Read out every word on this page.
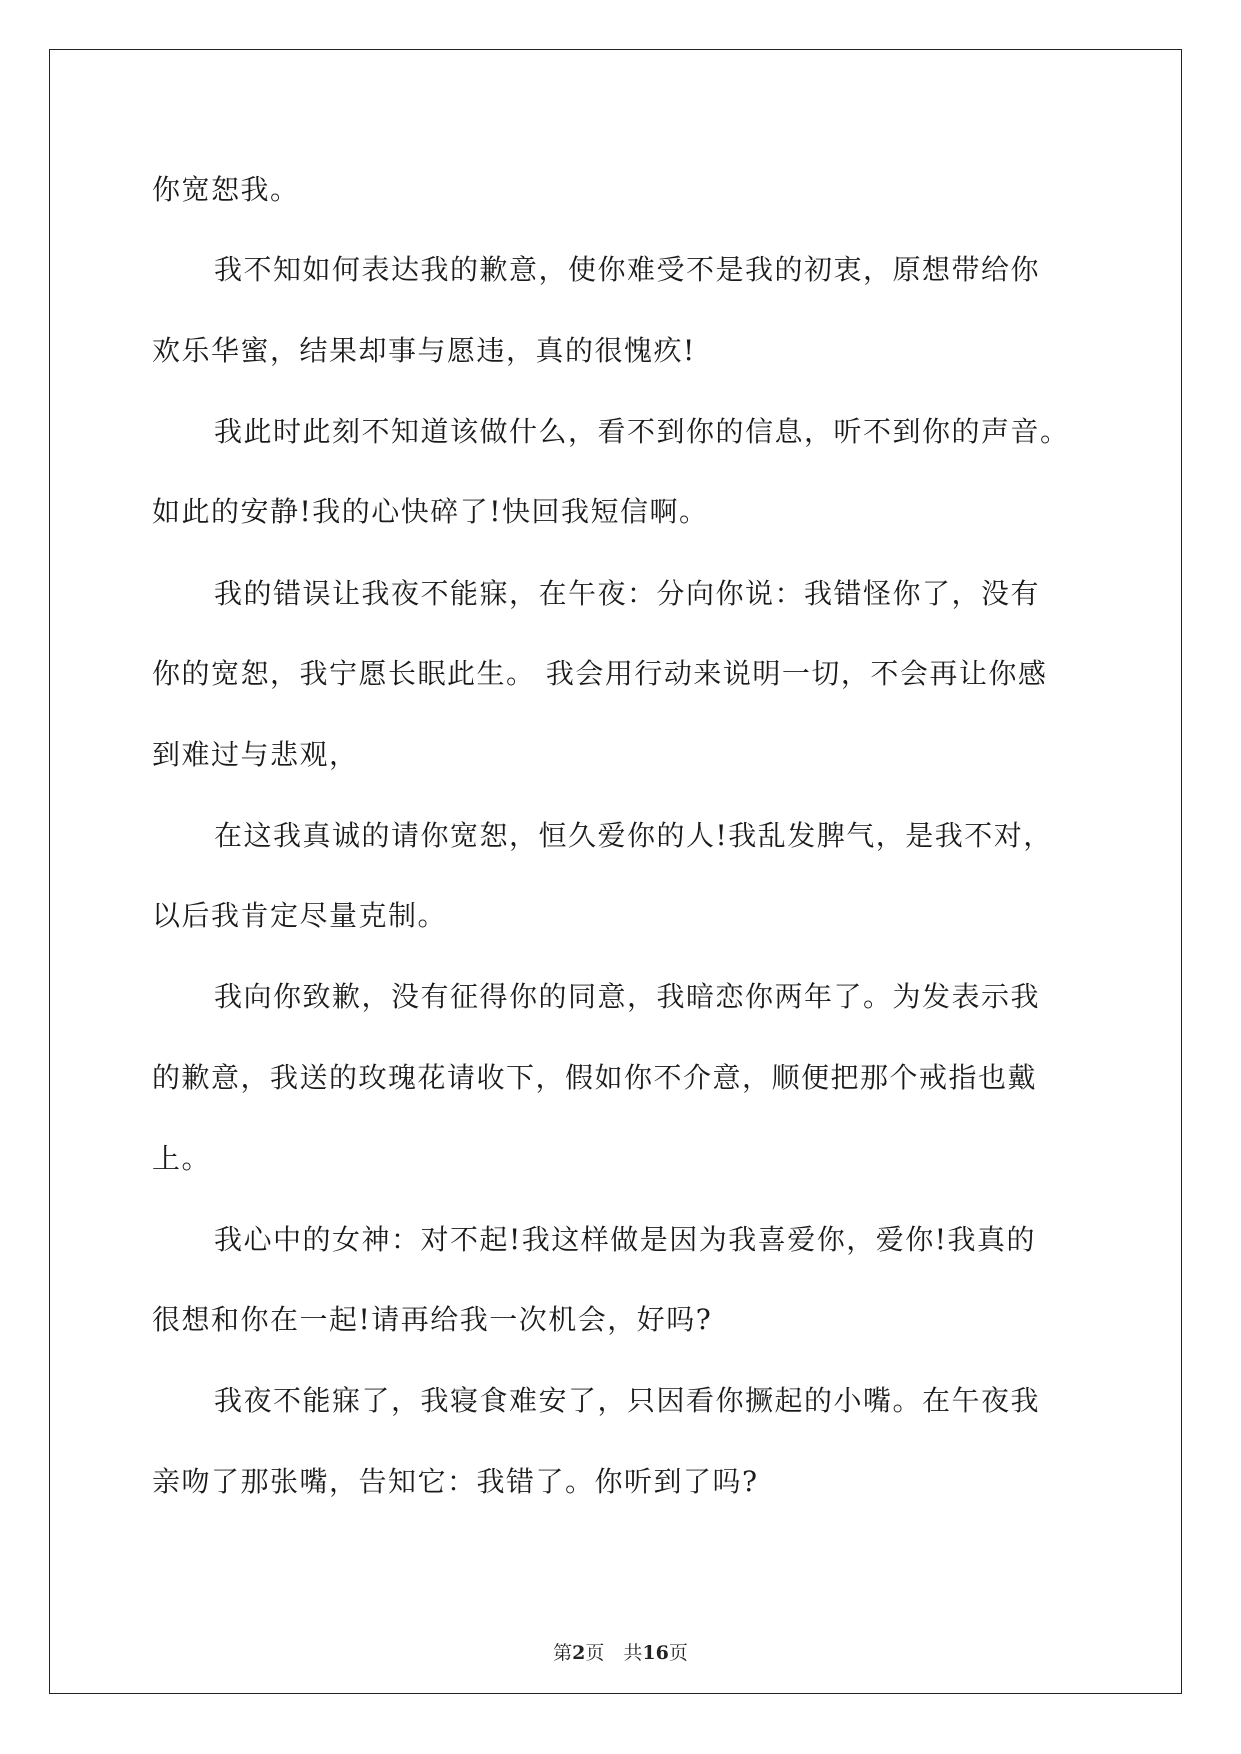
你宽恕我。

我不知如何表达我的歉意，使你难受不是我的初衷，原想带给你

欢乐华蜜，结果却事与愿违，真的很愧疚!

我此时此刻不知道该做什么，看不到你的信息，听不到你的声音。

如此的安静!我的心快碎了!快回我短信啊。

我的错误让我夜不能寐，在午夜：分向你说：我错怪你了，没有

你的宽恕，我宁愿长眠此生。 我会用行动来说明一切，不会再让你感

到难过与悲观，

在这我真诚的请你宽恕，恒久爱你的人!我乱发脾气，是我不对，

以后我肯定尽量克制。

我向你致歉，没有征得你的同意，我暗恋你两年了。为发表示我

的歉意，我送的玫瑰花请收下，假如你不介意，顺便把那个戒指也戴

上。

我心中的女神：对不起!我这样做是因为我喜爱你，爱你!我真的

很想和你在一起!请再给我一次机会，好吗?

我夜不能寐了，我寝食难安了，只因看你撅起的小嘴。在午夜我

亲吻了那张嘴，告知它：我错了。你听到了吗?

第2页　 共16页
